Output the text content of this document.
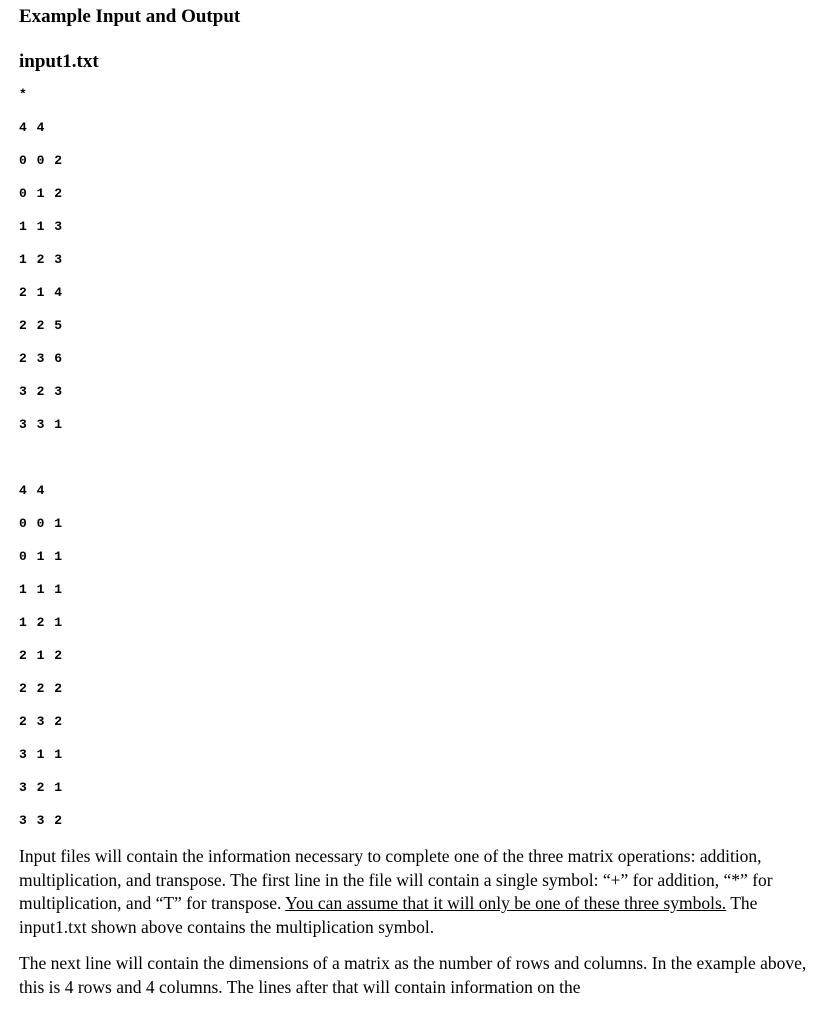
Example Input and Output
input1.txt
*
4 4
0 0 2
0 1 2
1 1 3
1 2 3
2 1 4
2 2 5
2 3 6
3 2 3
3 3 1
4 4
0 0 1
0 1 1
1 1 1
1 2 1
2 1 2
2 2 2
2 3 2
3 1 1
3 2 1
3 3 2

Input files will contain the information necessary to complete one of the three matrix operations: addition, multiplication, and transpose. The first line in the file will contain a single symbol: “+” for addition, “*” for multiplication, and “T” for transpose. You can assume that it will only be one of these three symbols. The input1.txt shown above contains the multiplication symbol.

The next line will contain the dimensions of a matrix as the number of rows and columns. In the example above, this is 4 rows and 4 columns. The lines after that will contain information on the
